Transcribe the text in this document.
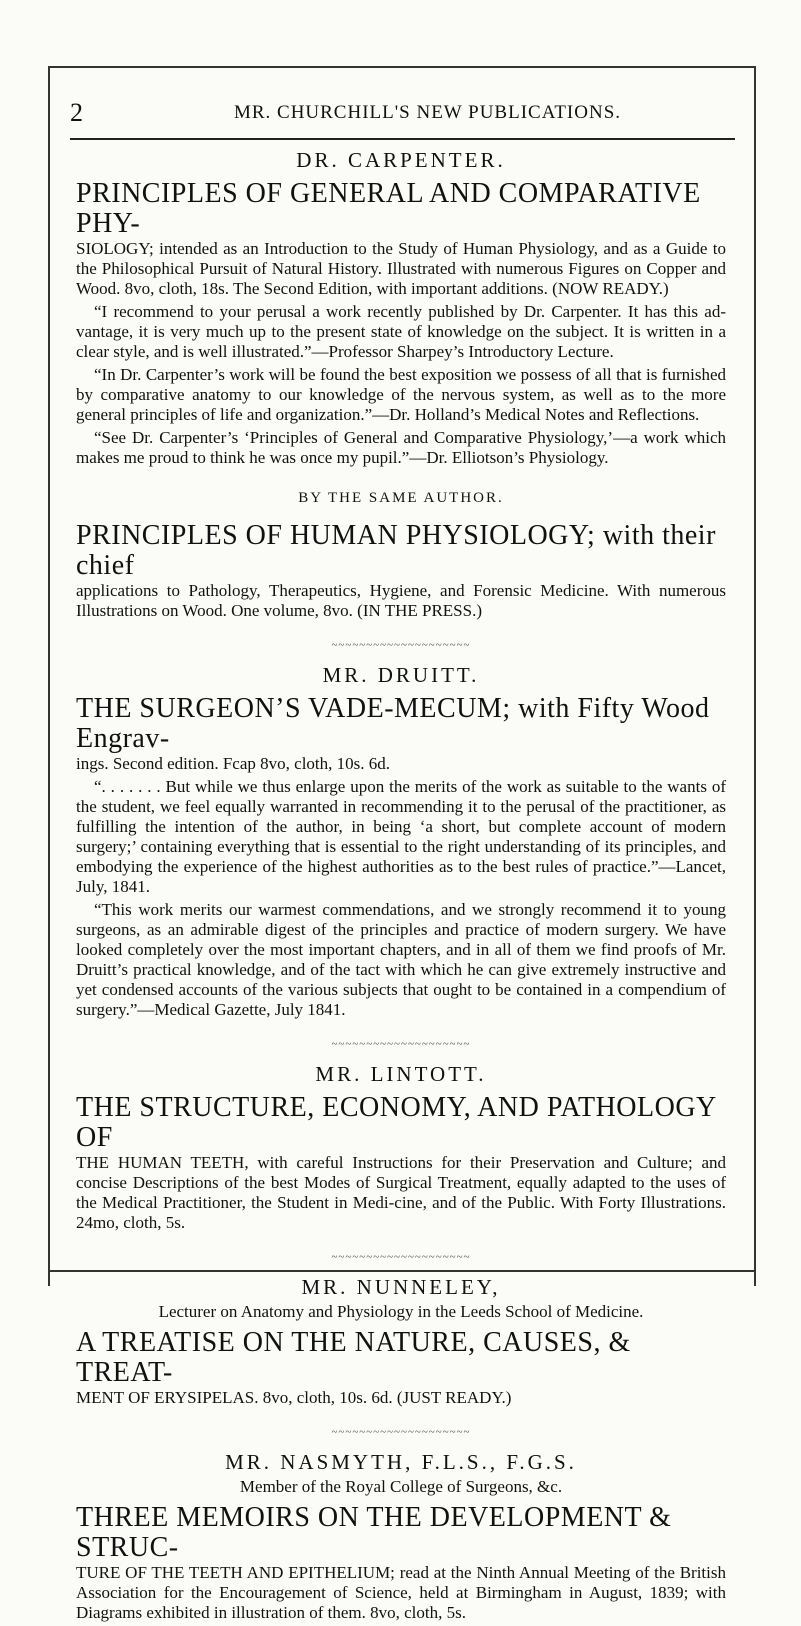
2	MR. CHURCHILL'S NEW PUBLICATIONS.

DR. CARPENTER.

PRINCIPLES OF GENERAL AND COMPARATIVE PHY-

SIOLOGY; intended as an Introduction to the Study of Human Physiology, and as a Guide to the Philosophical Pursuit of Natural History. Illustrated with numerous Figures on Copper and Wood. 8vo, cloth, 18s. The Second Edition, with important additions. (NOW READY.)

“I recommend to your perusal a work recently published by Dr. Carpenter. It has this ad-vantage, it is very much up to the present state of knowledge on the subject. It is written in a clear style, and is well illustrated.”—Professor Sharpey’s Introductory Lecture.

“In Dr. Carpenter’s work will be found the best exposition we possess of all that is furnished by comparative anatomy to our knowledge of the nervous system, as well as to the more general principles of life and organization.”—Dr. Holland’s Medical Notes and Reflections.

“See Dr. Carpenter’s ‘Principles of General and Comparative Physiology,’—a work which makes me proud to think he was once my pupil.”—Dr. Elliotson’s Physiology.

BY THE SAME AUTHOR.

PRINCIPLES OF HUMAN PHYSIOLOGY; with their chief

applications to Pathology, Therapeutics, Hygiene, and Forensic Medicine. With numerous Illustrations on Wood. One volume, 8vo. (IN THE PRESS.)

~~~~~~~~~~~~~~~~~~~~

MR. DRUITT.

THE SURGEON’S VADE-MECUM; with Fifty Wood Engrav-

ings. Second edition. Fcap 8vo, cloth, 10s. 6d.

“. . . . . . . But while we thus enlarge upon the merits of the work as suitable to the wants of the student, we feel equally warranted in recommending it to the perusal of the practitioner, as fulfilling the intention of the author, in being ‘a short, but complete account of modern surgery;’ containing everything that is essential to the right understanding of its principles, and embodying the experience of the highest authorities as to the best rules of practice.”—Lancet, July, 1841.

“This work merits our warmest commendations, and we strongly recommend it to young surgeons, as an admirable digest of the principles and practice of modern surgery. We have looked completely over the most important chapters, and in all of them we find proofs of Mr. Druitt’s practical knowledge, and of the tact with which he can give extremely instructive and yet condensed accounts of the various subjects that ought to be contained in a compendium of surgery.”—Medical Gazette, July 1841.

~~~~~~~~~~~~~~~~~~~~

MR. LINTOTT.

THE STRUCTURE, ECONOMY, AND PATHOLOGY OF

THE HUMAN TEETH, with careful Instructions for their Preservation and Culture; and concise Descriptions of the best Modes of Surgical Treatment, equally adapted to the uses of the Medical Practitioner, the Student in Medi-cine, and of the Public. With Forty Illustrations. 24mo, cloth, 5s.

~~~~~~~~~~~~~~~~~~~~

MR. NUNNELEY,

Lecturer on Anatomy and Physiology in the Leeds School of Medicine.

A TREATISE ON THE NATURE, CAUSES, & TREAT-

MENT OF ERYSIPELAS. 8vo, cloth, 10s. 6d. (JUST READY.)

~~~~~~~~~~~~~~~~~~~~

MR. NASMYTH, F.L.S., F.G.S.

Member of the Royal College of Surgeons, &c.

THREE MEMOIRS ON THE DEVELOPMENT & STRUC-

TURE OF THE TEETH AND EPITHELIUM; read at the Ninth Annual Meeting of the British Association for the Encouragement of Science, held at Birmingham in August, 1839; with Diagrams exhibited in illustration of them. 8vo, cloth, 5s.
